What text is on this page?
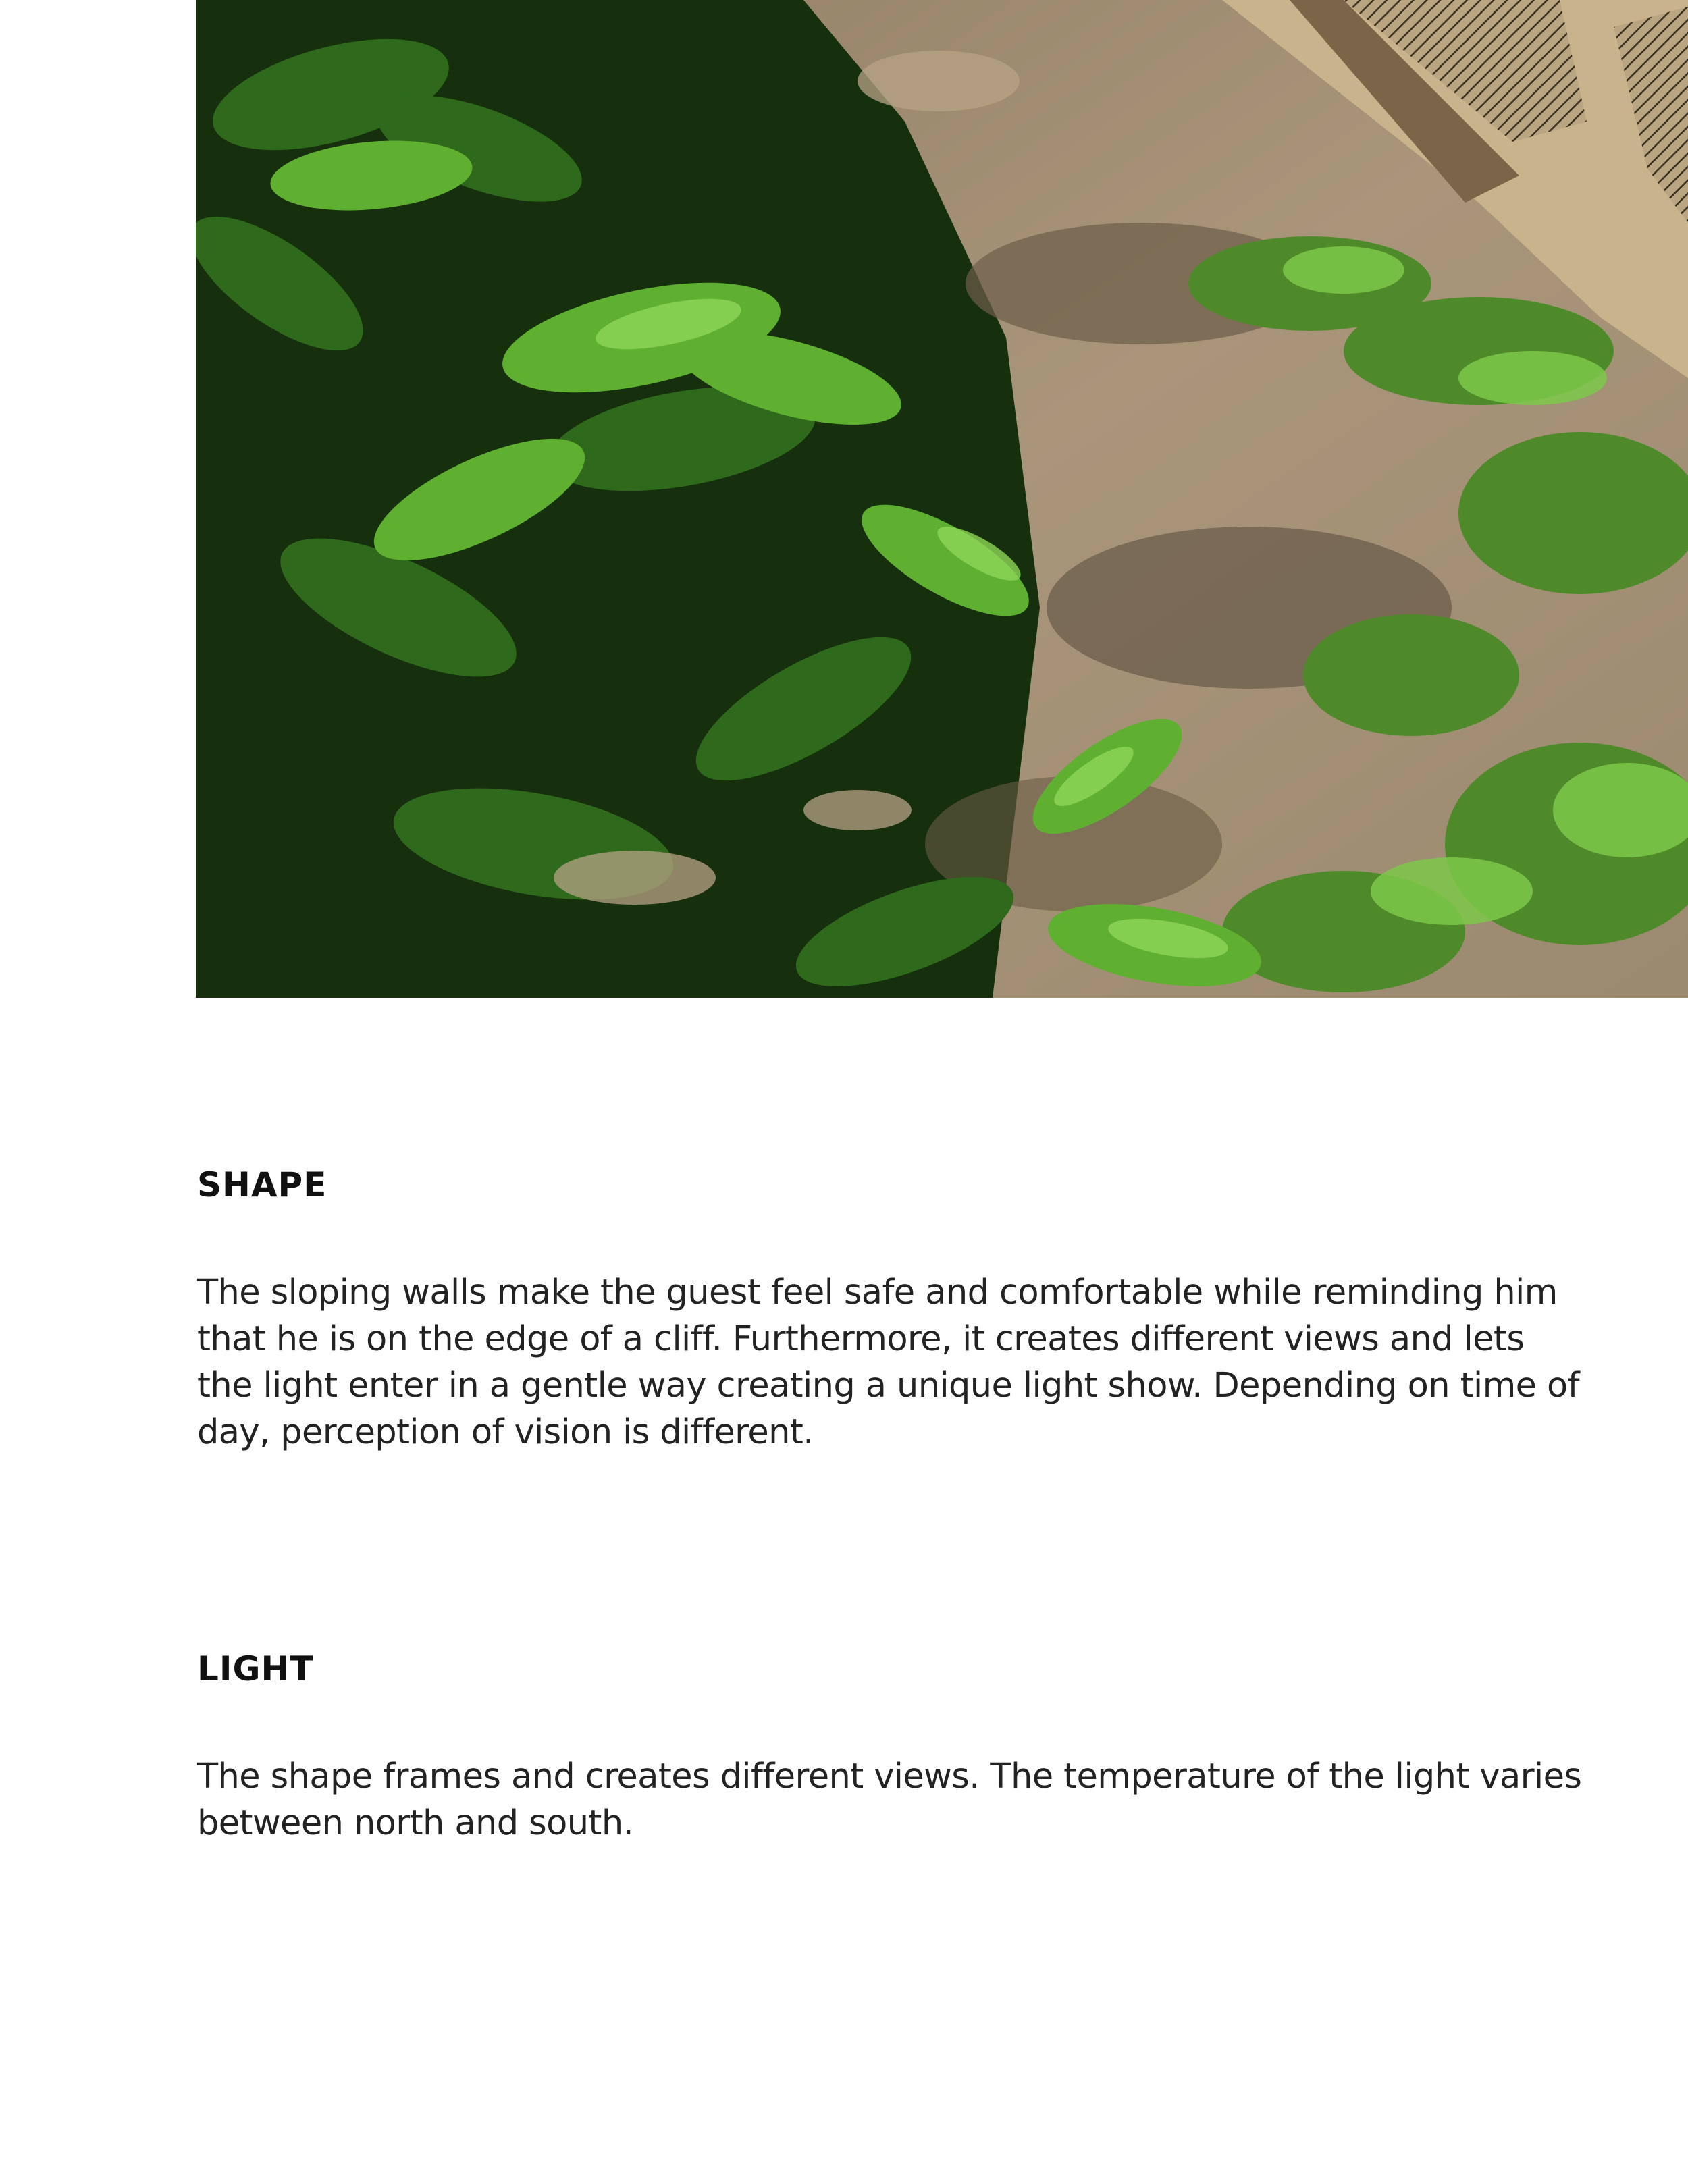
SHAPE

The sloping walls make the guest feel safe and comfortable while reminding him that he is on the edge of a cliff. Furthermore, it creates different views and lets the light enter in a gentle way creating a unique light show. Depending on time of day, perception of vision is different.

LIGHT

The shape frames and creates different views. The temperature of the light varies between north and south.
